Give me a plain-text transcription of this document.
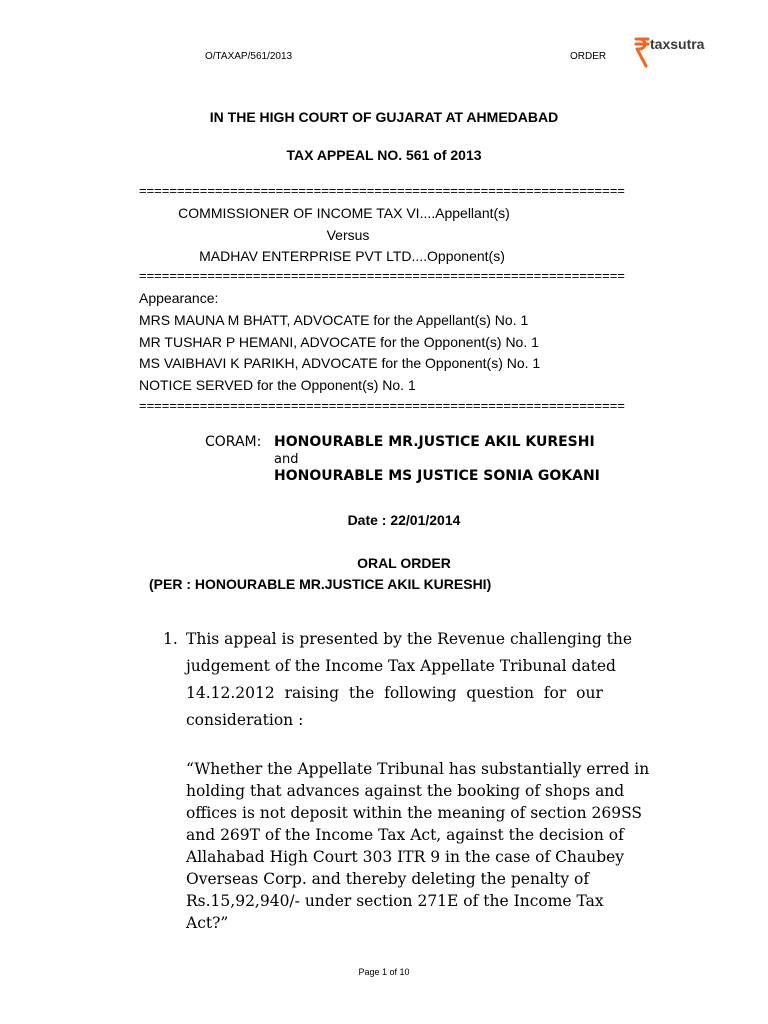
O/TAXAP/561/2013	ORDER
taxsutra
IN THE HIGH COURT OF GUJARAT AT AHMEDABAD
TAX APPEAL NO. 561 of 2013
================================================================
COMMISSIONER OF INCOME TAX VI....Appellant(s)
Versus
MADHAV ENTERPRISE PVT LTD....Opponent(s)
================================================================
Appearance:
MRS MAUNA M BHATT, ADVOCATE for the Appellant(s) No. 1
MR TUSHAR P HEMANI, ADVOCATE for the Opponent(s) No. 1
MS VAIBHAVI K PARIKH, ADVOCATE for the Opponent(s) No. 1
NOTICE SERVED for the Opponent(s) No. 1
================================================================
CORAM: HONOURABLE MR.JUSTICE AKIL KURESHI
and
HONOURABLE MS JUSTICE SONIA GOKANI
Date : 22/01/2014
ORAL ORDER
(PER : HONOURABLE MR.JUSTICE AKIL KURESHI)
1. This appeal is presented by the Revenue challenging the
judgement of the Income Tax Appellate Tribunal dated
14.12.2012  raising  the  following  question  for  our
consideration :
“Whether the Appellate Tribunal has substantially erred in
holding that advances against the booking of shops and
offices is not deposit within the meaning of section 269SS
and 269T of the Income Tax Act, against the decision of
Allahabad High Court 303 ITR 9 in the case of Chaubey
Overseas Corp. and thereby deleting the penalty of
Rs.15,92,940/- under section 271E of the Income Tax
Act?”
Page 1 of 10
